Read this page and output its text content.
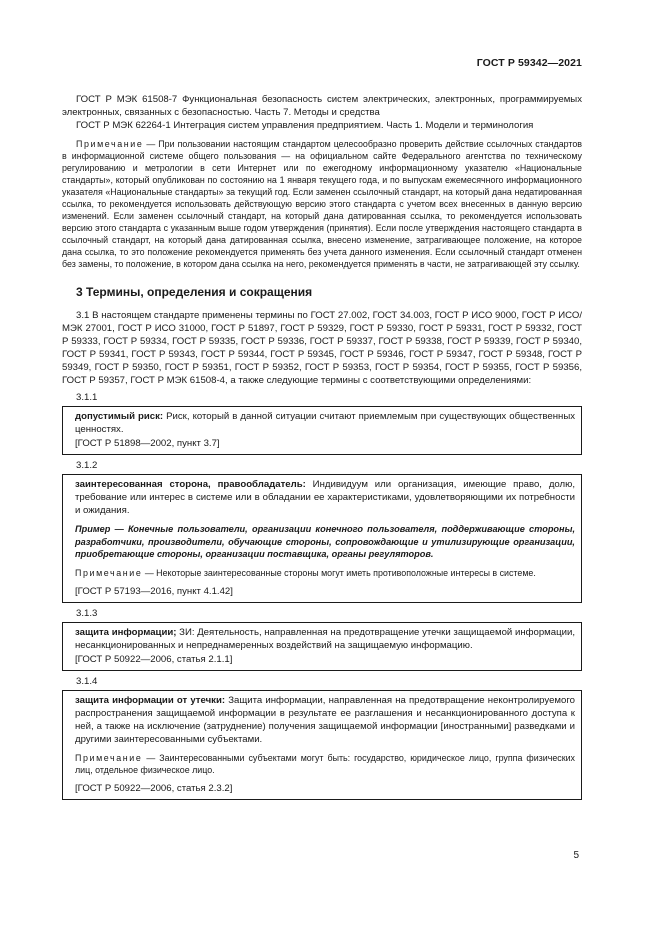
ГОСТ Р 59342—2021

ГОСТ Р МЭК 61508-7 Функциональная безопасность систем электрических, электронных, программируемых электронных, связанных с безопасностью. Часть 7. Методы и средства

ГОСТ Р МЭК 62264-1 Интеграция систем управления предприятием. Часть 1. Модели и терминология

Примечание — При пользовании настоящим стандартом целесообразно проверить действие ссылочных стандартов в информационной системе общего пользования — на официальном сайте Федерального агентства по техническому регулированию и метрологии в сети Интернет или по ежегодному информационному указателю «Национальные стандарты», который опубликован по состоянию на 1 января текущего года, и по выпускам ежемесячного информационного указателя «Национальные стандарты» за текущий год. Если заменен ссылочный стандарт, на который дана недатированная ссылка, то рекомендуется использовать действующую версию этого стандарта с учетом всех внесенных в данную версию изменений. Если заменен ссылочный стандарт, на который дана датированная ссылка, то рекомендуется использовать версию этого стандарта с указанным выше годом утверждения (принятия). Если после утверждения настоящего стандарта в ссылочный стандарт, на который дана датированная ссылка, внесено изменение, затрагивающее положение, на которое дана ссылка, то это положение рекомендуется применять без учета данного изменения. Если ссылочный стандарт отменен без замены, то положение, в котором дана ссылка на него, рекомендуется применять в части, не затрагивающей эту ссылку.

3 Термины, определения и сокращения

3.1 В настоящем стандарте применены термины по ГОСТ 27.002, ГОСТ 34.003, ГОСТ Р ИСО 9000, ГОСТ Р ИСО/МЭК 27001, ГОСТ Р ИСО 31000, ГОСТ Р 51897, ГОСТ Р 59329, ГОСТ Р 59330, ГОСТ Р 59331, ГОСТ Р 59332, ГОСТ Р 59333, ГОСТ Р 59334, ГОСТ Р 59335, ГОСТ Р 59336, ГОСТ Р 59337, ГОСТ Р 59338, ГОСТ Р 59339, ГОСТ Р 59340, ГОСТ Р 59341, ГОСТ Р 59343, ГОСТ Р 59344, ГОСТ Р 59345, ГОСТ Р 59346, ГОСТ Р 59347, ГОСТ Р 59348, ГОСТ Р 59349, ГОСТ Р 59350, ГОСТ Р 59351, ГОСТ Р 59352, ГОСТ Р 59353, ГОСТ Р 59354, ГОСТ Р 59355, ГОСТ Р 59356, ГОСТ Р 59357, ГОСТ Р МЭК 61508-4, а также следующие термины с соответствующими определениями:

3.1.1

допустимый риск: Риск, который в данной ситуации считают приемлемым при существующих общественных ценностях.

[ГОСТ Р 51898—2002, пункт 3.7]

3.1.2

заинтересованная сторона, правообладатель: Индивидуум или организация, имеющие право, долю, требование или интерес в системе или в обладании ее характеристиками, удовлетворяющими их потребности и ожидания.

Пример — Конечные пользователи, организации конечного пользователя, поддерживающие стороны, разработчики, производители, обучающие стороны, сопровождающие и утилизирующие организации, приобретающие стороны, организации поставщика, органы регуляторов.

Примечание — Некоторые заинтересованные стороны могут иметь противоположные интересы в системе.

[ГОСТ Р 57193—2016, пункт 4.1.42]

3.1.3

защита информации; ЗИ: Деятельность, направленная на предотвращение утечки защищаемой информации, несанкционированных и непреднамеренных воздействий на защищаемую информацию.

[ГОСТ Р 50922—2006, статья 2.1.1]

3.1.4

защита информации от утечки: Защита информации, направленная на предотвращение неконтролируемого распространения защищаемой информации в результате ее разглашения и несанкционированного доступа к ней, а также на исключение (затруднение) получения защищаемой информации [иностранными] разведками и другими заинтересованными субъектами.

Примечание — Заинтересованными субъектами могут быть: государство, юридическое лицо, группа физических лиц, отдельное физическое лицо.

[ГОСТ Р 50922—2006, статья 2.3.2]

5
